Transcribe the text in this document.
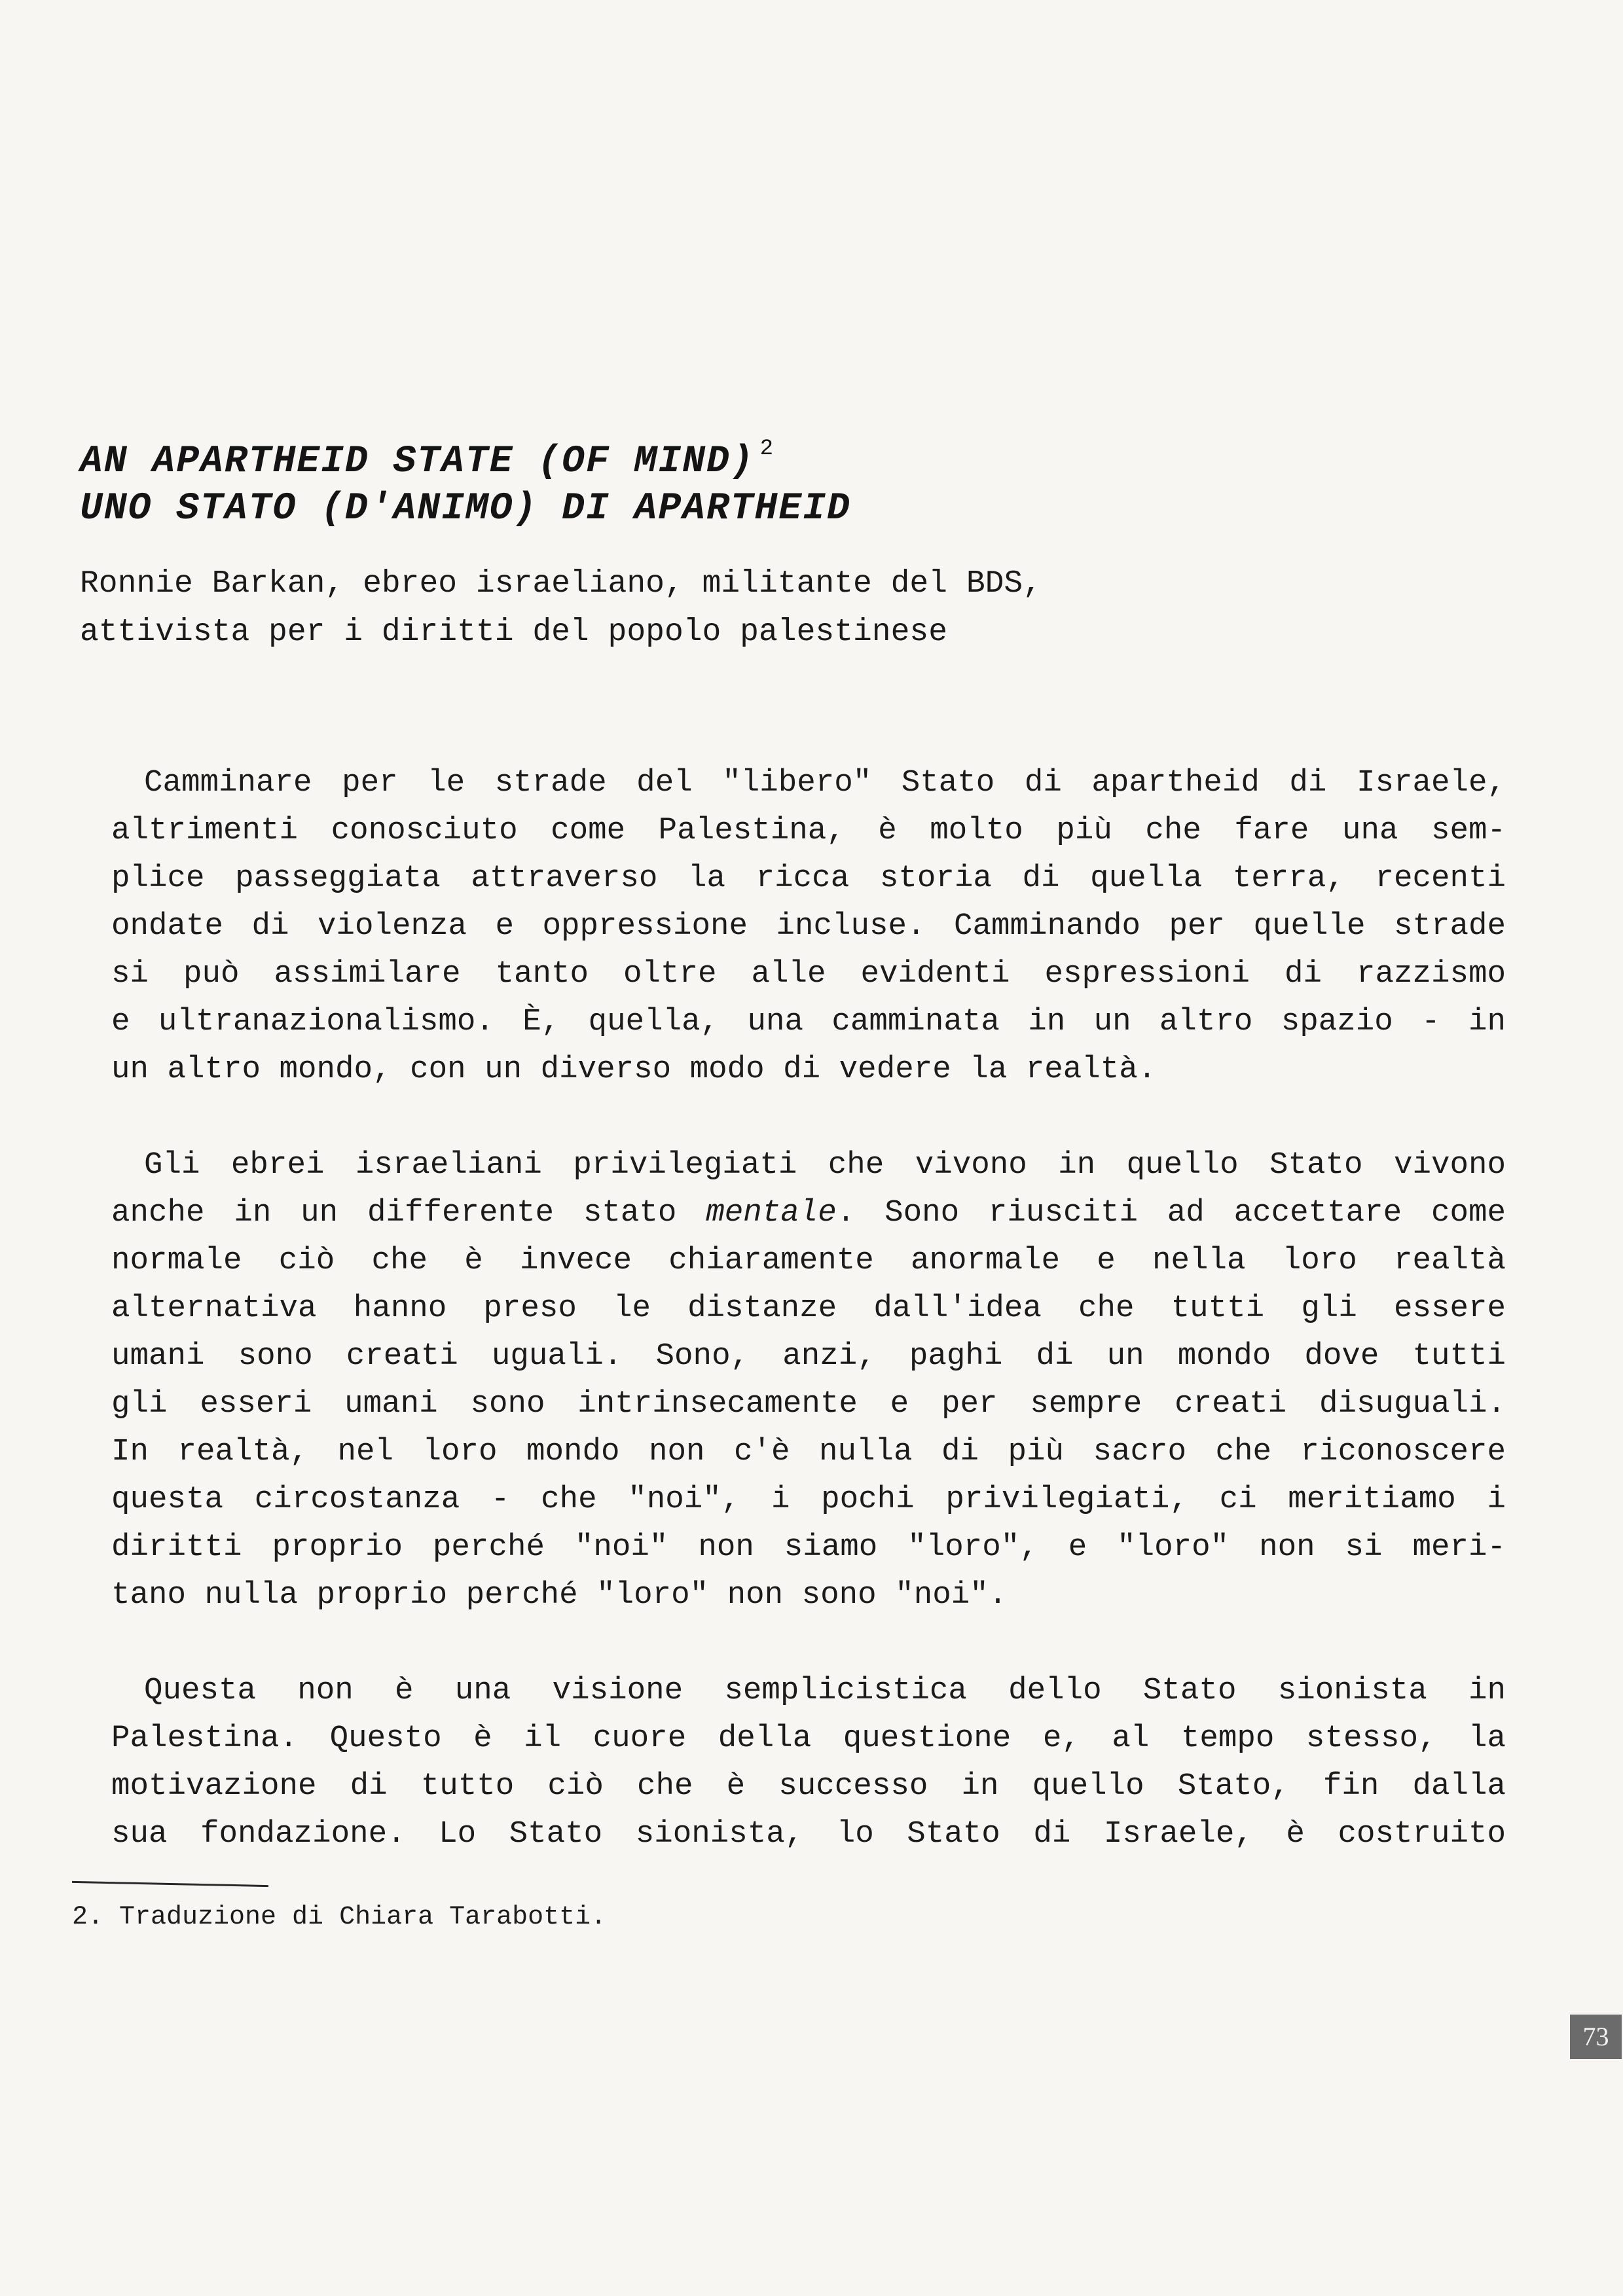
AN APARTHEID STATE (OF MIND) $^2$
UNO STATO (D'ANIMO) DI APARTHEID
Ronnie Barkan, ebreo israeliano, militante del BDS,
attivista per i diritti del popolo palestinese
Camminare per le strade del "libero" Stato di apartheid di Israele,
altrimenti conosciuto come Palestina, è molto più che fare una sem-
plice passeggiata attraverso la ricca storia di quella terra, recenti
ondate di violenza e oppressione incluse. Camminando per quelle strade
si può assimilare tanto oltre alle evidenti espressioni di razzismo
e ultranazionalismo. È, quella, una camminata in un altro spazio - in
un altro mondo, con un diverso modo di vedere la realtà.
Gli ebrei israeliani privilegiati che vivono in quello Stato vivono
anche in un differente stato mentale. Sono riusciti ad accettare come
normale ciò che è invece chiaramente anormale e nella loro realtà
alternativa hanno preso le distanze dall'idea che tutti gli essere
umani sono creati uguali. Sono, anzi, paghi di un mondo dove tutti
gli esseri umani sono intrinsecamente e per sempre creati disuguali.
In realtà, nel loro mondo non c'è nulla di più sacro che riconoscere
questa circostanza - che "noi", i pochi privilegiati, ci meritiamo i
diritti proprio perché "noi" non siamo "loro", e "loro" non si meri-
tano nulla proprio perché "loro" non sono "noi".
Questa non è una visione semplicistica dello Stato sionista in
Palestina. Questo è il cuore della questione e, al tempo stesso, la
motivazione di tutto ciò che è successo in quello Stato, fin dalla
sua fondazione. Lo Stato sionista, lo Stato di Israele, è costruito
2. Traduzione di Chiara Tarabotti.
73
